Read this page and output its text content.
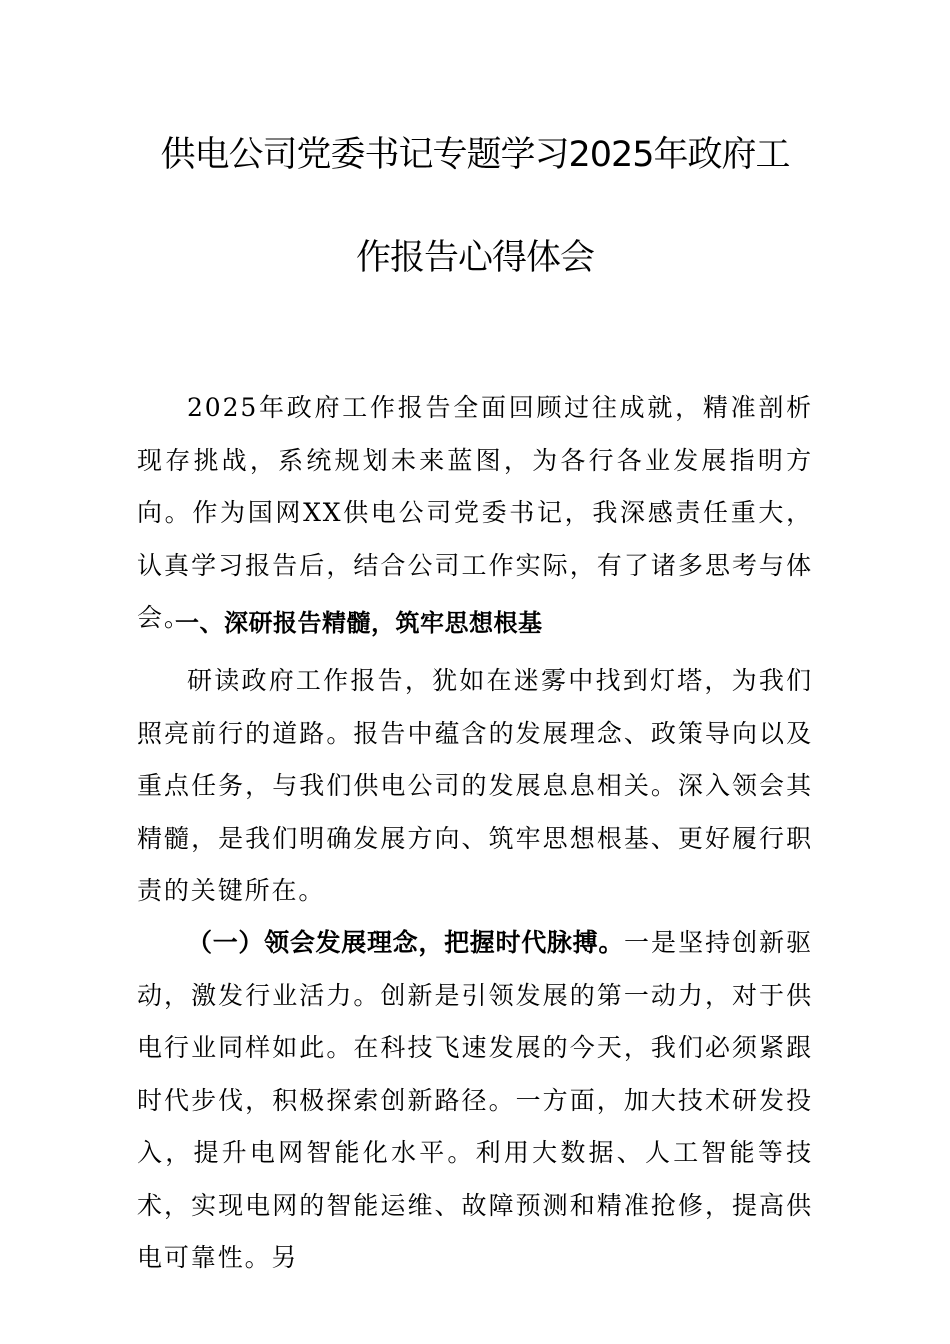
供电公司党委书记专题学习2025年政府工
作报告心得体会

2025年政府工作报告全面回顾过往成就，精准剖析现存挑战，系统规划未来蓝图，为各行各业发展指明方向。作为国网XX供电公司党委书记，我深感责任重大，认真学习报告后，结合公司工作实际，有了诸多思考与体会。

一、深研报告精髓，筑牢思想根基

研读政府工作报告，犹如在迷雾中找到灯塔，为我们照亮前行的道路。报告中蕴含的发展理念、政策导向以及重点任务，与我们供电公司的发展息息相关。深入领会其精髓，是我们明确发展方向、筑牢思想根基、更好履行职责的关键所在。

（一）领会发展理念，把握时代脉搏。一是坚持创新驱动，激发行业活力。创新是引领发展的第一动力，对于供电行业同样如此。在科技飞速发展的今天，我们必须紧跟时代步伐，积极探索创新路径。一方面，加大技术研发投入，提升电网智能化水平。利用大数据、人工智能等技术，实现电网的智能运维、故障预测和精准抢修，提高供电可靠性。另
